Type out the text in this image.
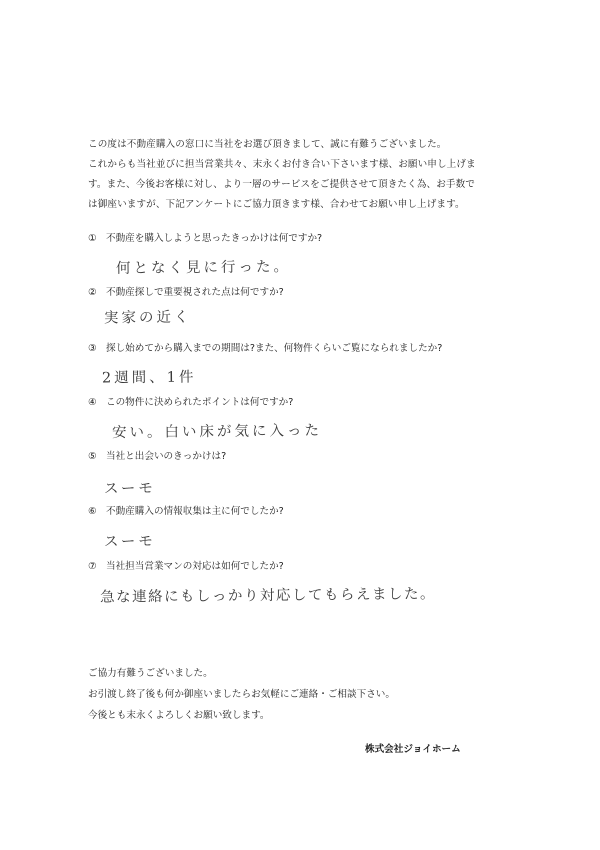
この度は不動産購入の窓口に当社をお選び頂きまして、誠に有難うございました。

これからも当社並びに担当営業共々、末永くお付き合い下さいます様、お願い申し上げま

す。また、今後お客様に対し、より一層のサービスをご提供させて頂きたく為、お手数で

は御座いますが、下記アンケートにご協力頂きます様、合わせてお願い申し上げます。

① 不動産を購入しようと思ったきっかけは何ですか?
何となく見に行った。
② 不動産探しで重要視された点は何ですか?
実家の近く
③ 探し始めてから購入までの期間は?また、何物件くらいご覧になられましたか?
2週間、1件
④ この物件に決められたポイントは何ですか?
安い。白い床が気に入った
⑤ 当社と出会いのきっかけは?
スーモ
⑥ 不動産購入の情報収集は主に何でしたか?
スーモ
⑦ 当社担当営業マンの対応は如何でしたか?
急な連絡にもしっかり対応してもらえました。

ご協力有難うございました。

お引渡し終了後も何か御座いましたらお気軽にご連絡・ご相談下さい。

今後とも末永くよろしくお願い致します。

株式会社ジョイホーム
